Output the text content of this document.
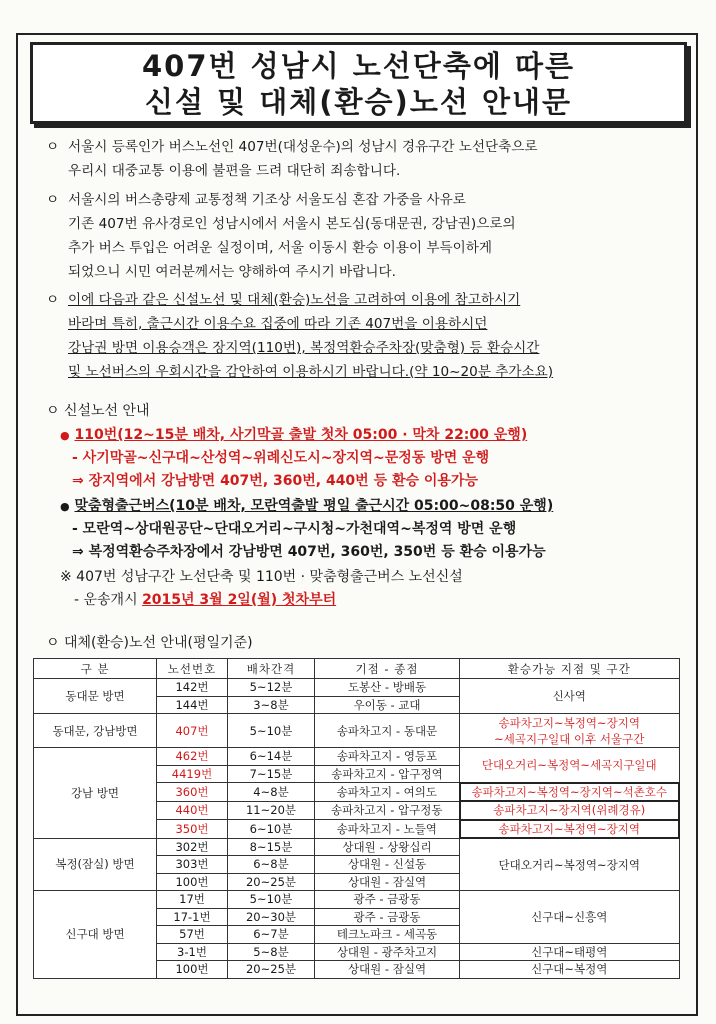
407번 성남시 노선단축에 따른
신설 및 대체(환승)노선 안내문
ㅇ 서울시 등록인가 버스노선인 407번(대성운수)의 성남시 경유구간 노선단축으로
우리시 대중교통 이용에 불편을 드려 대단히 죄송합니다.
ㅇ 서울시의 버스총량제 교통정책 기조상 서울도심 혼잡 가중을 사유로
기존 407번 유사경로인 성남시에서 서울시 본도심(동대문권, 강남권)으로의
추가 버스 투입은 어려운 실정이며, 서울 이동시 환승 이용이 부득이하게
되었으니 시민 여러분께서는 양해하여 주시기 바랍니다.
ㅇ 이에 다음과 같은 신설노선 및 대체(환승)노선을 고려하여 이용에 참고하시기
바라며 특히, 출근시간 이용수요 집중에 따라 기존 407번을 이용하시던
강남권 방면 이용승객은 장지역(110번), 복정역환승주차장(맞춤형) 등 환승시간
및 노선버스의 우회시간을 감안하여 이용하시기 바랍니다.(약 10~20분 추가소요)
ㅇ 신설노선 안내
● 110번(12~15분 배차, 사기막골 출발 첫차 05:00 · 막차 22:00 운행)
- 사기막골~신구대~산성역~위례신도시~장지역~문정동 방면 운행
⇒ 장지역에서 강남방면 407번, 360번, 440번 등 환승 이용가능
● 맞춤형출근버스(10분 배차, 모란역출발 평일 출근시간 05:00~08:50 운행)
- 모란역~상대원공단~단대오거리~구시청~가천대역~복정역 방면 운행
⇒ 복정역환승주차장에서 강남방면 407번, 360번, 350번 등 환승 이용가능
※ 407번 성남구간 노선단축 및 110번 · 맞춤형출근버스 노선신설
- 운송개시 2015년 3월 2일(월) 첫차부터
ㅇ 대체(환승)노선 안내(평일기준)
구 분	노선번호	배차간격	기점 - 종점	환승가능 지점 및 구간
동대문 방면	142번	5~12분	도봉산 - 방배동	신사역
	144번	3~8분	우이동 - 교대	
동대문, 강남방면	407번	5~10분	송파차고지 - 동대문	송파차고지~복정역~장지역
~세곡지구일대 이후 서울구간

강남 방면	462번	6~14분	송파차고지 - 영등포	단대오거리~복정역~세곡지구일대
	4419번	7~15분	송파차고지 - 압구정역	
	360번	4~8분	송파차고지 - 여의도	송파차고지~복정역~장지역~석촌호수
	440번	11~20분	송파차고지 - 압구정동	송파차고지~장지역(위례경유)
	350번	6~10분	송파차고지 - 노들역	송파차고지~복정역~장지역
복정(잠실) 방면	302번	8~15분	상대원 - 상왕십리	단대오거리~복정역~장지역
	303번	6~8분	상대원 - 신설동	
	100번	20~25분	상대원 - 잠실역	
신구대 방면	17번	5~10분	광주 - 금광동	신구대~신흥역
	17-1번	20~30분	광주 - 금광동	
	57번	6~7분	테크노파크 - 세곡동	
	3-1번	5~8분	상대원 - 광주차고지	신구대~태평역
	100번	20~25분	상대원 - 잠실역	신구대~복정역
